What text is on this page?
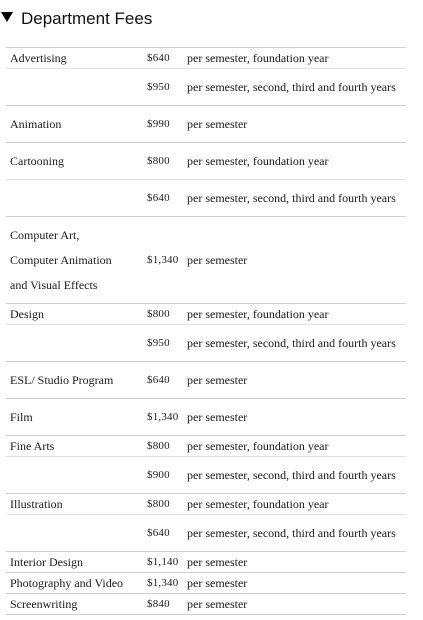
Department Fees
Advertising	$640	per semester, foundation year
	$950	per semester, second, third and fourth years
Animation	$990	per semester
Cartooning	$800	per semester, foundation year
	$640	per semester, second, third and fourth years

Computer Art,
Computer Animation
and Visual Effects	$1,340	per semester
Design	$800	per semester, foundation year
	$950	per semester, second, third and fourth years
ESL/ Studio Program	$640	per semester
Film	$1,340	per semester
Fine Arts	$800	per semester, foundation year
	$900	per semester, second, third and fourth years
Illustration	$800	per semester, foundation year
	$640	per semester, second, third and fourth years
Interior Design	$1,140	per semester
Photography and Video	$1,340	per semester
Screenwriting	$840	per semester
